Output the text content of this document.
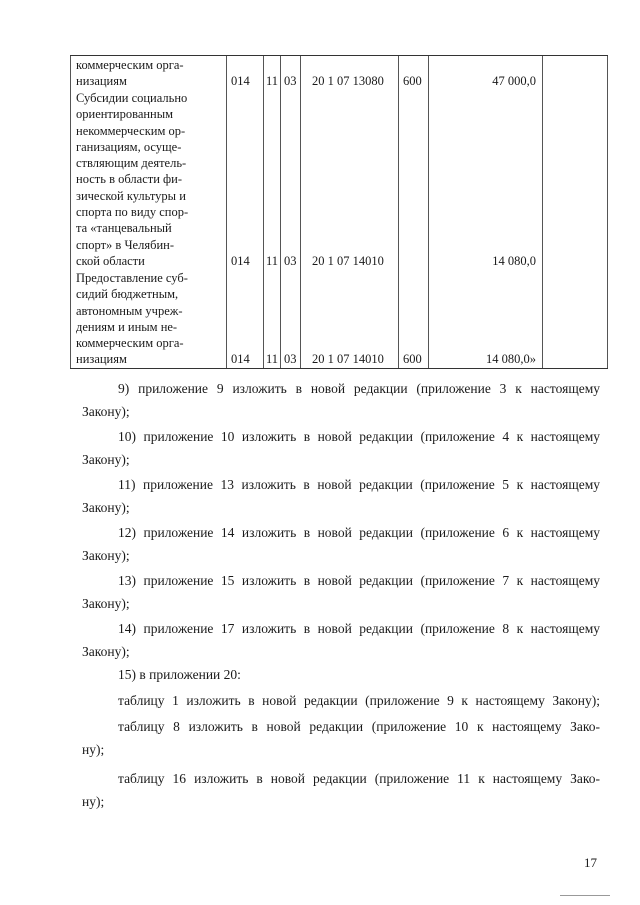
коммерческим орга-
низациям	014 11 03 20 1 07 13080 600	47 000,0
Субсидии социально
ориентированным
некоммерческим ор-
ганизациям, осуще-
ствляющим деятель-
ность в области фи-
зической культуры и
спорта по виду спор-
та «танцевальный
спорт» в Челябин-
ской области	014 11 03 20 1 07 14010	14 080,0
Предоставление суб-
сидий бюджетным,
автономным учреж-
дениям и иным не-
коммерческим орга-
низациям	014 11 03 20 1 07 14010 600	14 080,0»
9) приложение 9 изложить в новой редакции (приложение 3 к настоящему
Закону);
10) приложение 10 изложить в новой редакции (приложение 4 к настоящему
Закону);
11) приложение 13 изложить в новой редакции (приложение 5 к настоящему
Закону);
12) приложение 14 изложить в новой редакции (приложение 6 к настоящему
Закону);
13) приложение 15 изложить в новой редакции (приложение 7 к настоящему
Закону);
14) приложение 17 изложить в новой редакции (приложение 8 к настоящему
Закону);
15) в приложении 20:
таблицу 1 изложить в новой редакции (приложение 9 к настоящему Закону);
таблицу 8 изложить в новой редакции (приложение 10 к настоящему Зако-
ну);
таблицу 16 изложить в новой редакции (приложение 11 к настоящему Зако-
ну);
17
